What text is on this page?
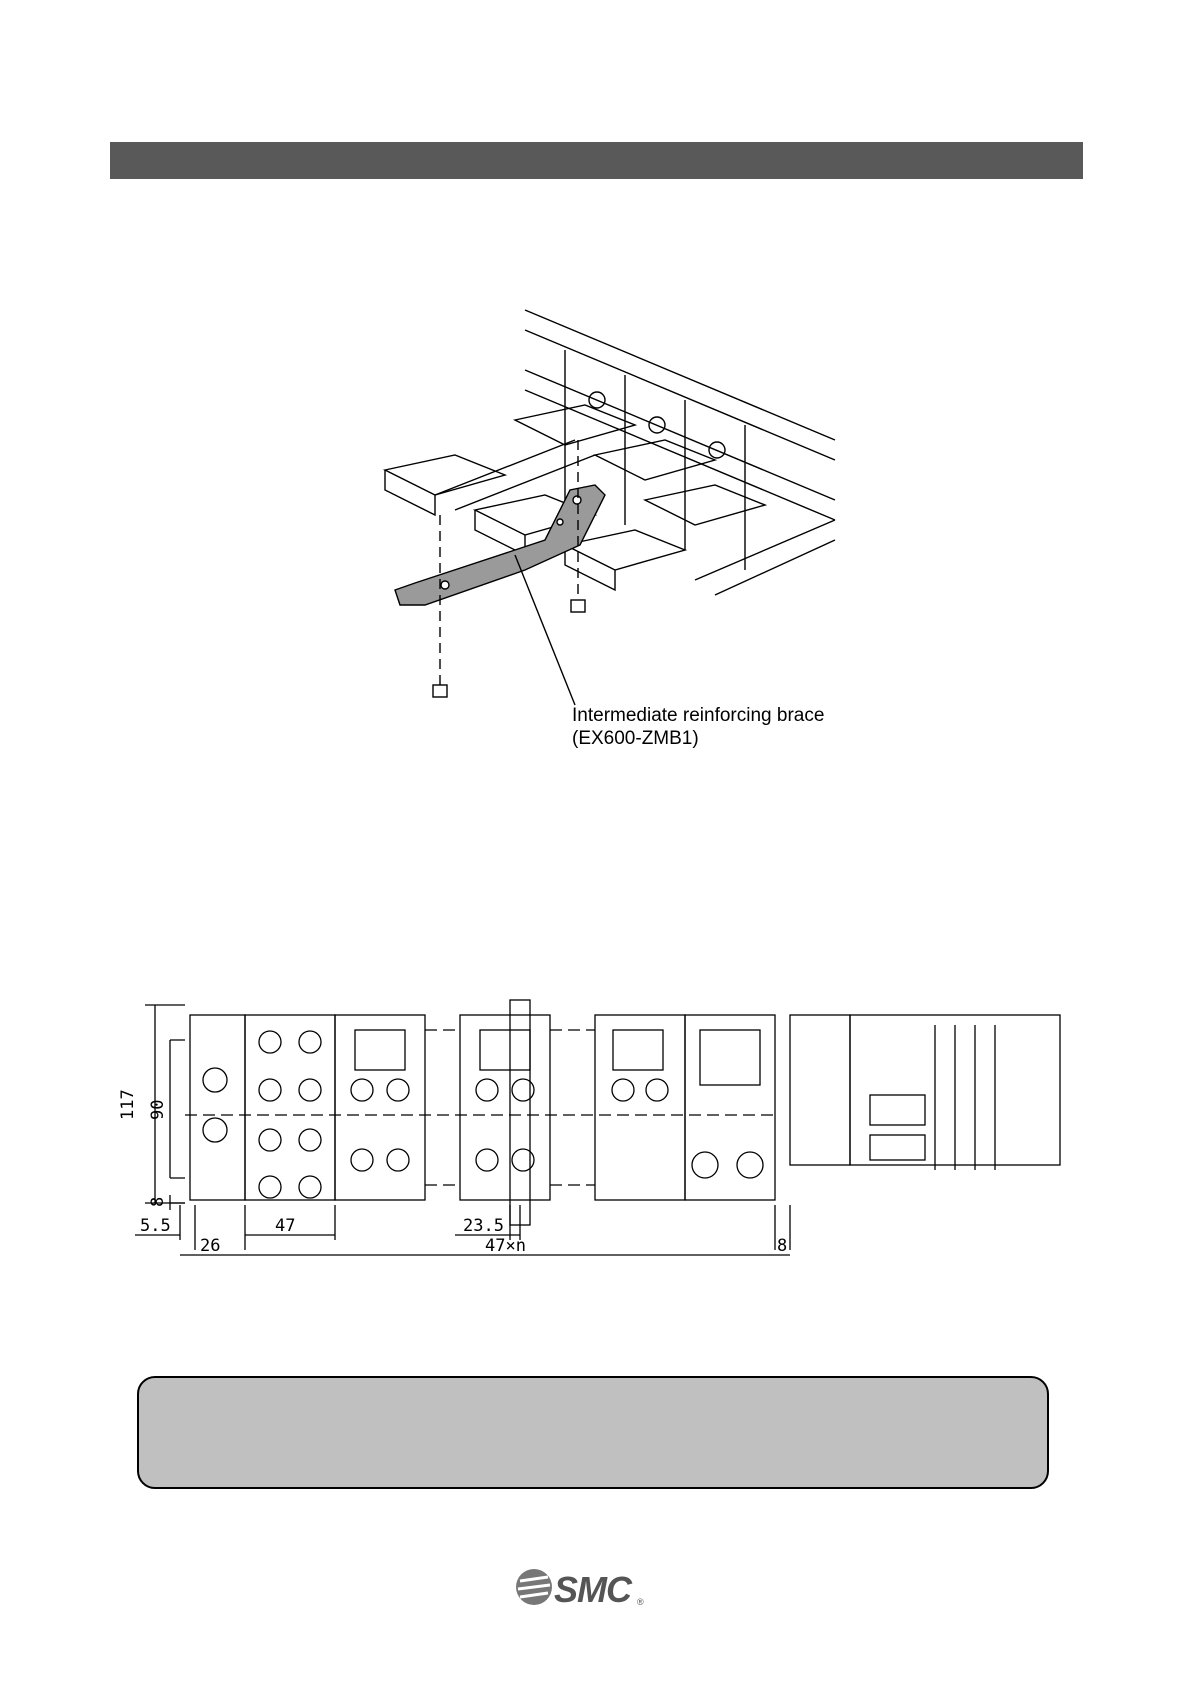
Intermediate reinforcing brace
(EX600-ZMB1)
117 90
8
5.5
26
47	23.5
47×n	8
SMC ®
